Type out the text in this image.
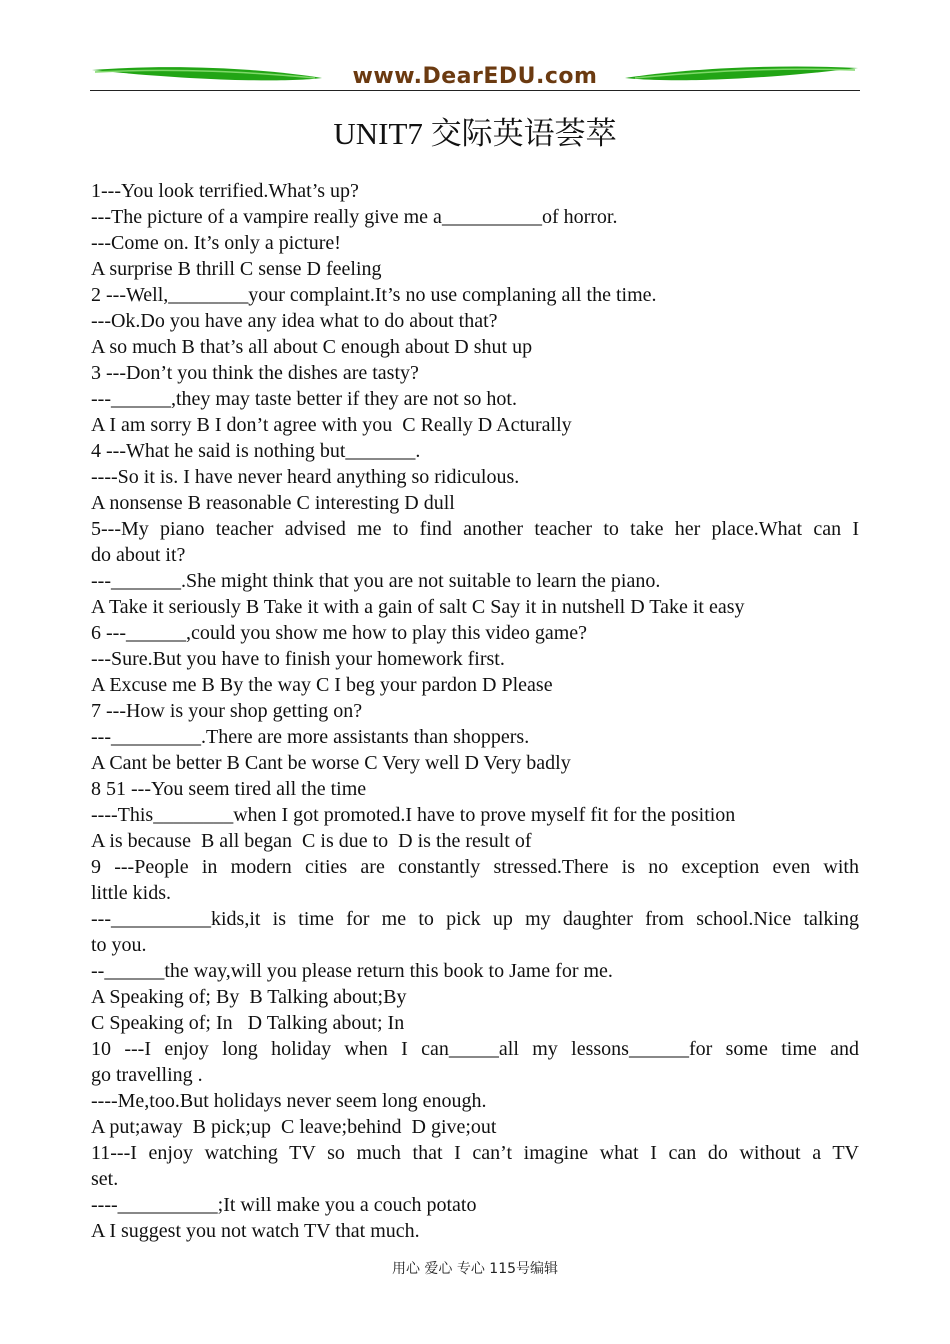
www.DearEDU.com
UNIT7 交际英语荟萃
1---You look terrified.What’s up?
---The picture of a vampire really give me a__________of horror.
---Come on. It’s only a picture!
A surprise B thrill C sense D feeling
2 ---Well,________your complaint.It’s no use complaning all the time.
---Ok.Do you have any idea what to do about that?
A so much B that’s all about C enough about D shut up
3 ---Don’t you think the dishes are tasty?
---______,they may taste better if they are not so hot.
A I am sorry B I don’t agree with you  C Really D Acturally
4 ---What he said is nothing but_______.
----So it is. I have never heard anything so ridiculous.
A nonsense B reasonable C interesting D dull
5---My piano teacher advised me to find another teacher to take her place.What can I
do about it?
---_______.She might think that you are not suitable to learn the piano.
A Take it seriously B Take it with a gain of salt C Say it in nutshell D Take it easy
6 ---______,could you show me how to play this video game?
---Sure.But you have to finish your homework first.
A Excuse me B By the way C I beg your pardon D Please
7 ---How is your shop getting on?
---_________.There are more assistants than shoppers.
A Cant be better B Cant be worse C Very well D Very badly
8 51 ---You seem tired all the time
----This________when I got promoted.I have to prove myself fit for the position
A is because  B all began  C is due to  D is the result of
9 ---People in modern cities are constantly stressed.There is no exception even with
little kids.
---__________kids,it is time for me to pick up my daughter from school.Nice talking
to you.
--______the way,will you please return this book to Jame for me.
A Speaking of; By  B Talking about;By
C Speaking of; In   D Talking about; In
10 ---I enjoy long holiday when I can_____all my lessons______for some time and
go travelling .
----Me,too.But holidays never seem long enough.
A put;away  B pick;up  C leave;behind  D give;out
11---I enjoy watching TV so much that I can’t imagine what I can do without a TV
set.
----__________;It will make you a couch potato
A I suggest you not watch TV that much.
用心 爱心 专心 115号编辑
